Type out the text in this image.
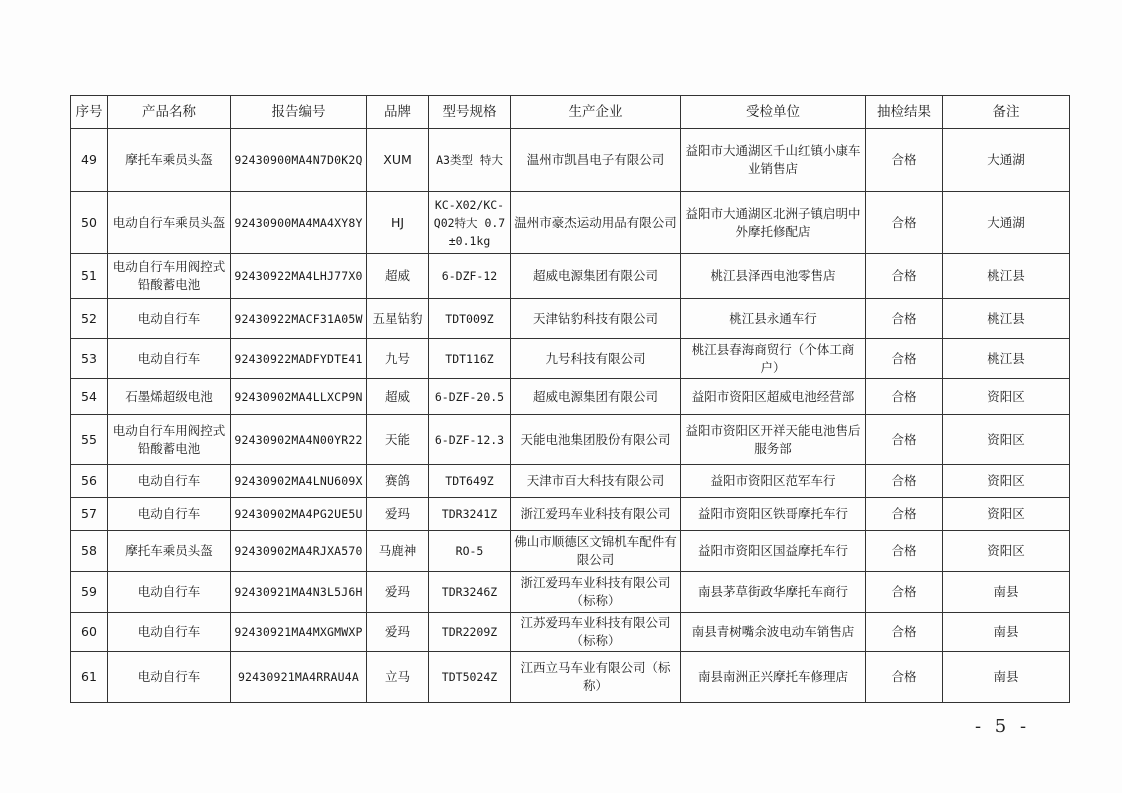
序号	产品名称	报告编号	品牌	型号规格	生产企业	受检单位	抽检结果	备注
49	摩托车乘员头盔	92430900MA4N7D0K2Q	XUM	A3类型 特大	温州市凯昌电子有限公司	益阳市大通湖区千山红镇小康车业销售店	合格	大通湖
50	电动自行车乘员头盔	92430900MA4MA4XY8Y	HJ	KC-X02/KC-Q02特大 0.7±0.1kg	温州市豪杰运动用品有限公司	益阳市大通湖区北洲子镇启明中外摩托修配店	合格	大通湖
51	电动自行车用阀控式铅酸蓄电池	92430922MA4LHJ77X0	超威	6-DZF-12	超威电源集团有限公司	桃江县泽西电池零售店	合格	桃江县
52	电动自行车	92430922MACF31A05W	五星钻豹	TDT009Z	天津钻豹科技有限公司	桃江县永通车行	合格	桃江县
53	电动自行车	92430922MADFYDTE41	九号	TDT116Z	九号科技有限公司	桃江县春海商贸行（个体工商户）	合格	桃江县
54	石墨烯超级电池	92430902MA4LLXCP9N	超威	6-DZF-20.5	超威电源集团有限公司	益阳市资阳区超威电池经营部	合格	资阳区
55	电动自行车用阀控式铅酸蓄电池	92430902MA4N00YR22	天能	6-DZF-12.3	天能电池集团股份有限公司	益阳市资阳区开祥天能电池售后服务部	合格	资阳区
56	电动自行车	92430902MA4LNU609X	赛鸽	TDT649Z	天津市百大科技有限公司	益阳市资阳区范军车行	合格	资阳区
57	电动自行车	92430902MA4PG2UE5U	爱玛	TDR3241Z	浙江爱玛车业科技有限公司	益阳市资阳区铁哥摩托车行	合格	资阳区
58	摩托车乘员头盔	92430902MA4RJXA570	马鹿神	RO-5	佛山市顺德区文锦机车配件有限公司	益阳市资阳区国益摩托车行	合格	资阳区
59	电动自行车	92430921MA4N3L5J6H	爱玛	TDR3246Z	浙江爱玛车业科技有限公司（标称）	南县茅草街政华摩托车商行	合格	南县
60	电动自行车	92430921MA4MXGMWXP	爱玛	TDR2209Z	江苏爱玛车业科技有限公司（标称）	南县青树嘴余波电动车销售店	合格	南县
61	电动自行车	92430921MA4RRAU4A	立马	TDT5024Z	江西立马车业有限公司（标称）	南县南洲正兴摩托车修理店	合格	南县
- 5 -
